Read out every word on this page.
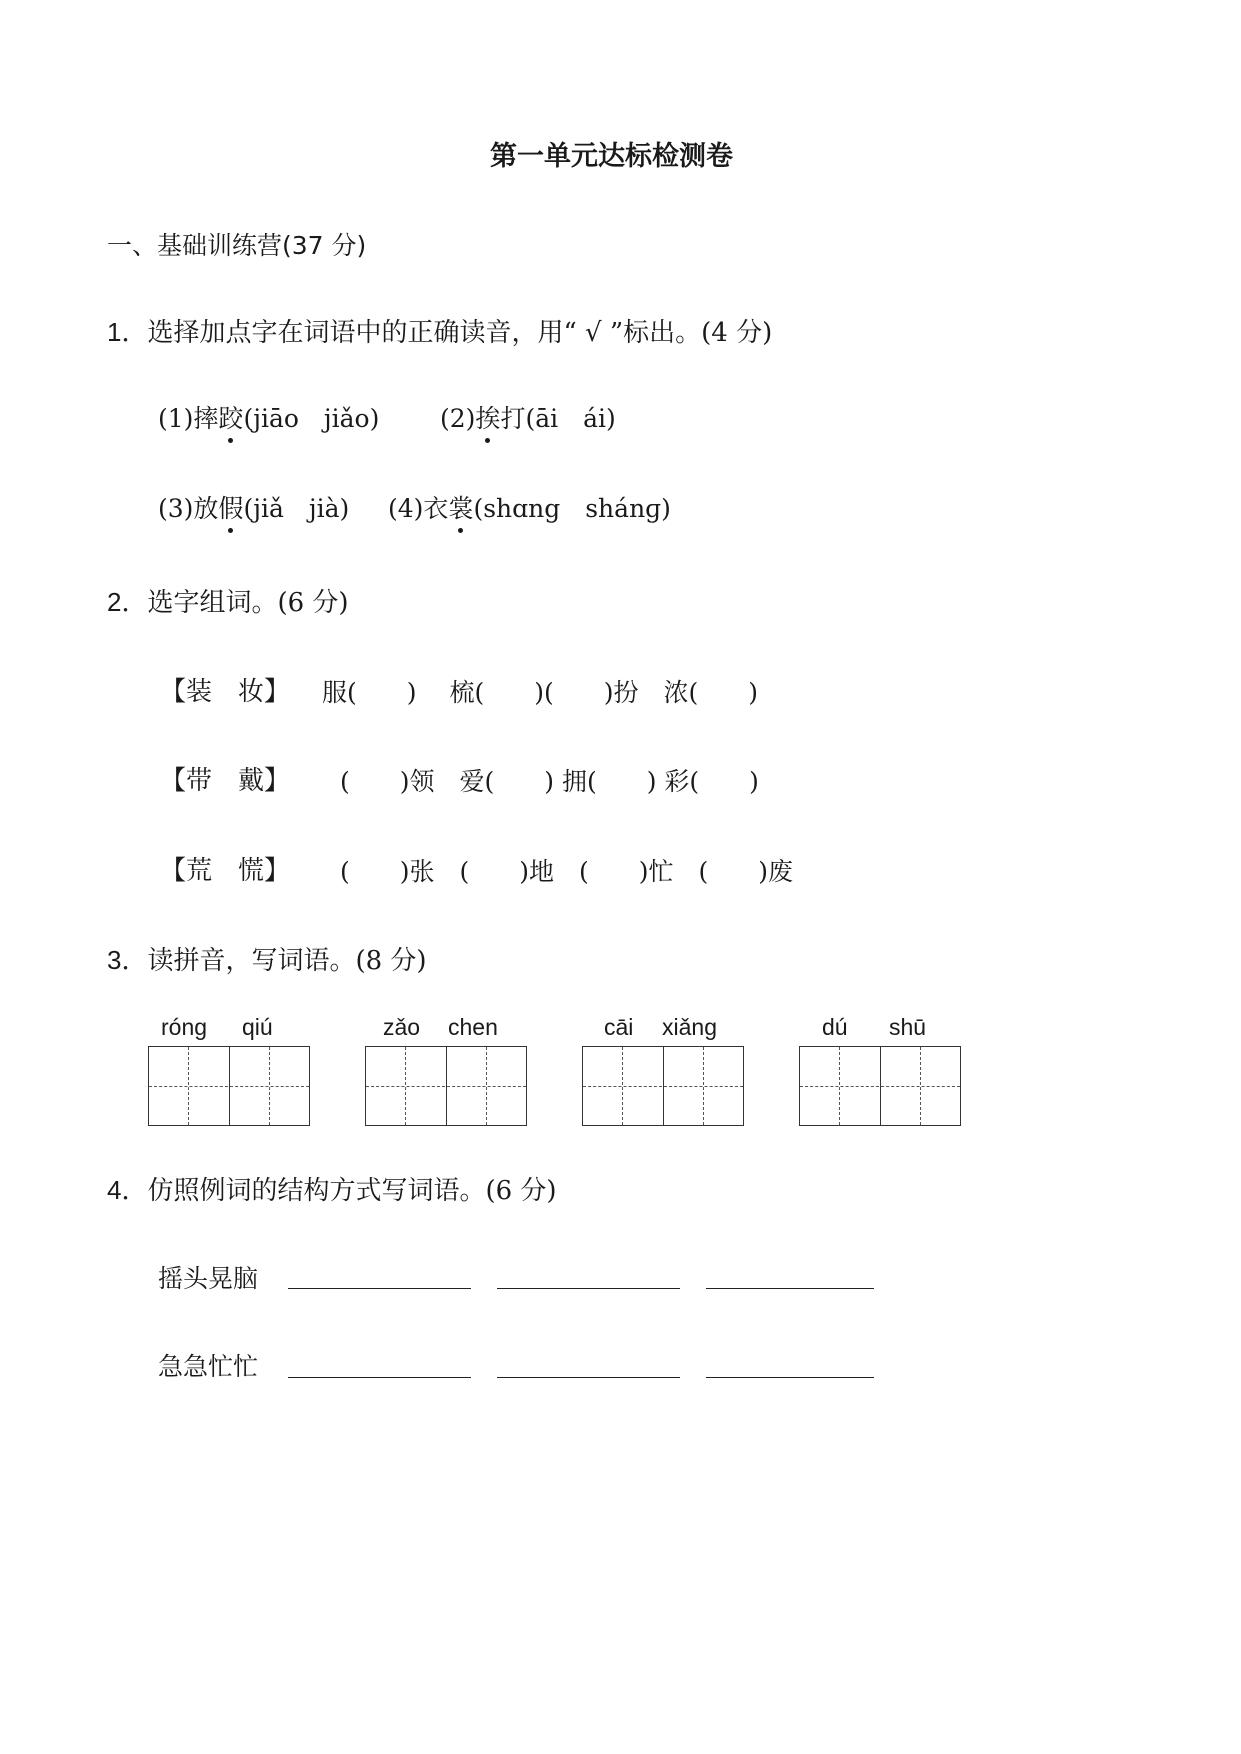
第一单元达标检测卷
一、基础训练营(37 分)
1．选择加点字在词语中的正确读音，用“ √ ”标出。(4 分)
(1)摔跤(jiāo　jiǎo) (2)挨打(āi　ái)
(3)放假(jiǎ　jià) (4)衣裳(shɑng　shánɡ)
2．选字组词。(6 分)
【装　妆】 服(　　)　 梳(　　)(　　)扮　浓(　　)
【带　戴】 (　　)领　爱(　　) 拥(　　) 彩(　　)
【荒　慌】 (　　)张　(　　)地　(　　)忙　(　　)废
3．读拼音，写词语。(8 分)
rónɡ qiú	zǎo chen	cāi xiǎnɡ	dú shū
4．仿照例词的结构方式写词语。(6 分)
摇头晃脑
急急忙忙
